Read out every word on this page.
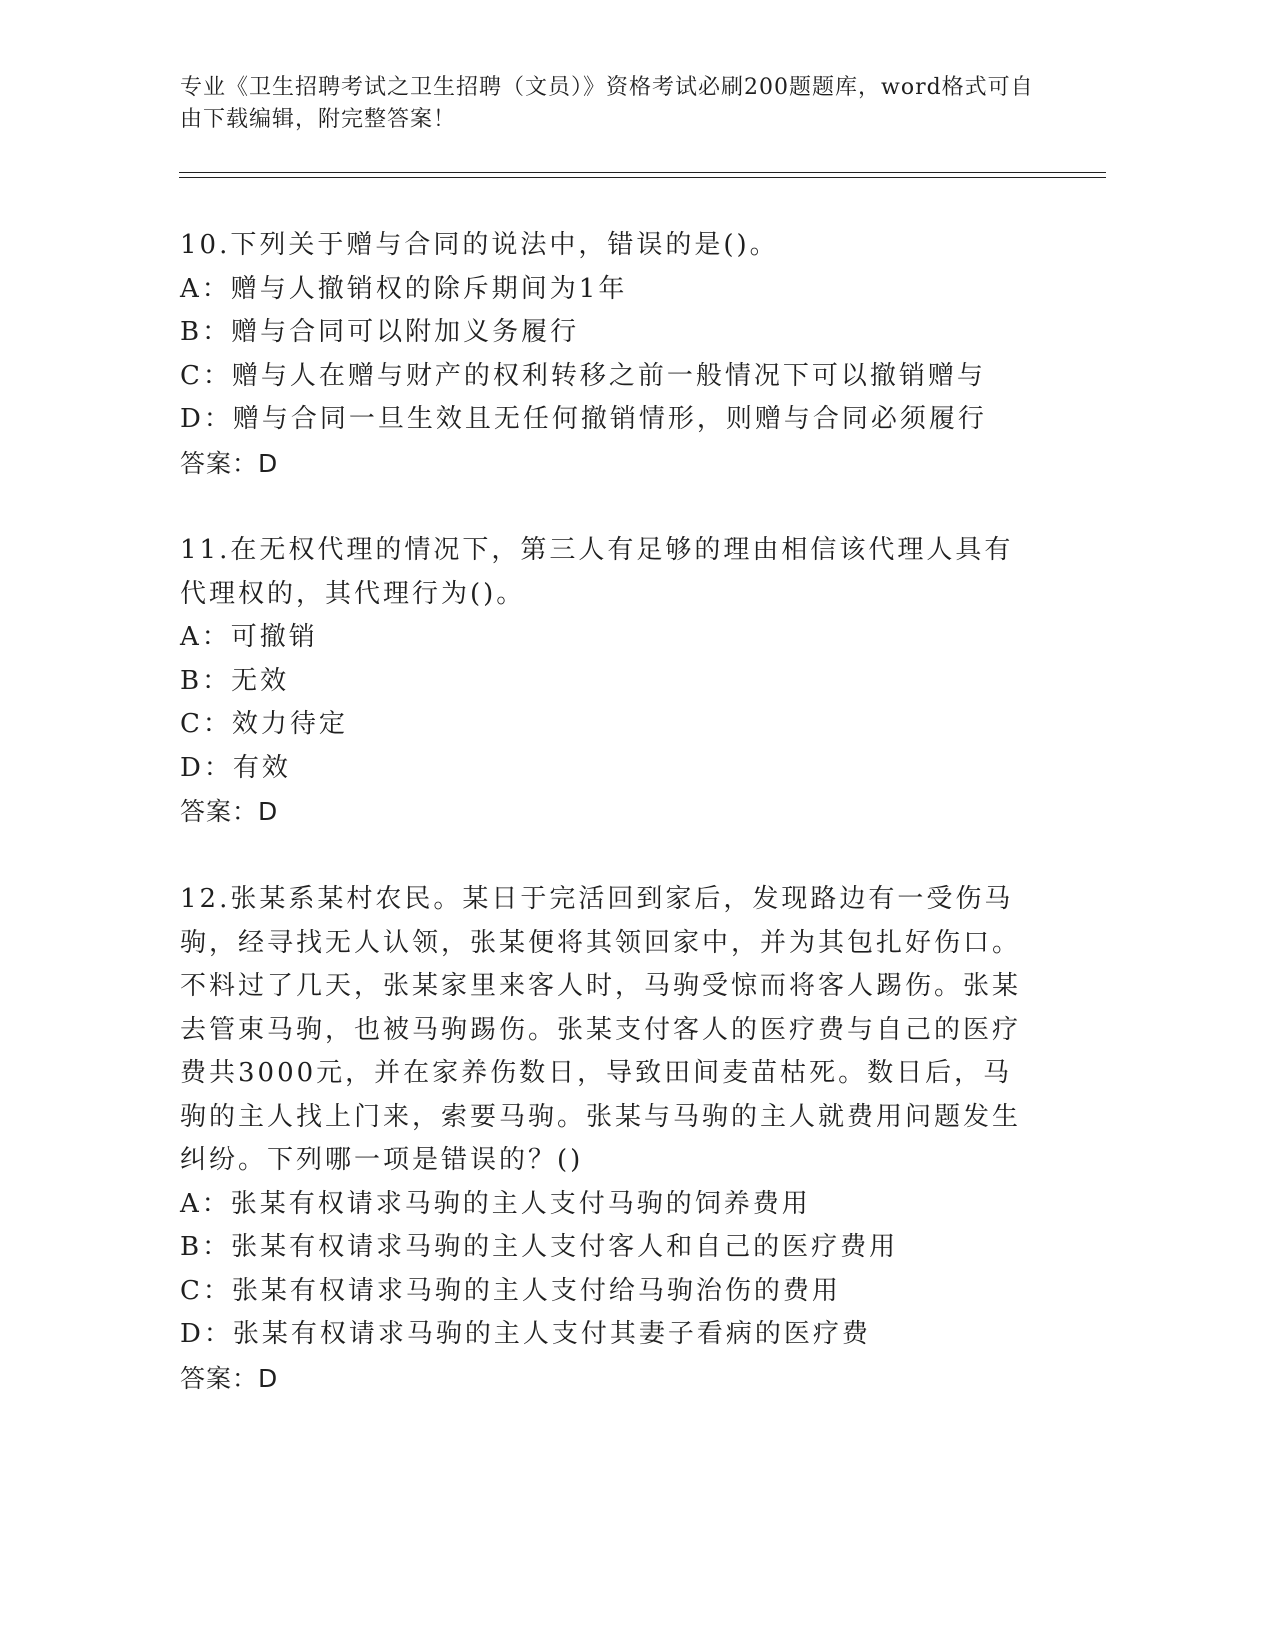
专业《卫生招聘考试之卫生招聘（文员）》资格考试必刷200题题库，word格式可自由下载编辑，附完整答案！
10.下列关于赠与合同的说法中，错误的是()。
A：赠与人撤销权的除斥期间为1年
B：赠与合同可以附加义务履行
C：赠与人在赠与财产的权利转移之前一般情况下可以撤销赠与
D：赠与合同一旦生效且无任何撤销情形，则赠与合同必须履行
答案：D
11.在无权代理的情况下，第三人有足够的理由相信该代理人具有代理权的，其代理行为()。
A：可撤销
B：无效
C：效力待定
D：有效
答案：D
12.张某系某村农民。某日于完活回到家后，发现路边有一受伤马驹，经寻找无人认领，张某便将其领回家中，并为其包扎好伤口。不料过了几天，张某家里来客人时，马驹受惊而将客人踢伤。张某去管束马驹，也被马驹踢伤。张某支付客人的医疗费与自己的医疗费共3000元，并在家养伤数日，导致田间麦苗枯死。数日后，马驹的主人找上门来，索要马驹。张某与马驹的主人就费用问题发生纠纷。下列哪一项是错误的？()
A：张某有权请求马驹的主人支付马驹的饲养费用
B：张某有权请求马驹的主人支付客人和自己的医疗费用
C：张某有权请求马驹的主人支付给马驹治伤的费用
D：张某有权请求马驹的主人支付其妻子看病的医疗费
答案：D
